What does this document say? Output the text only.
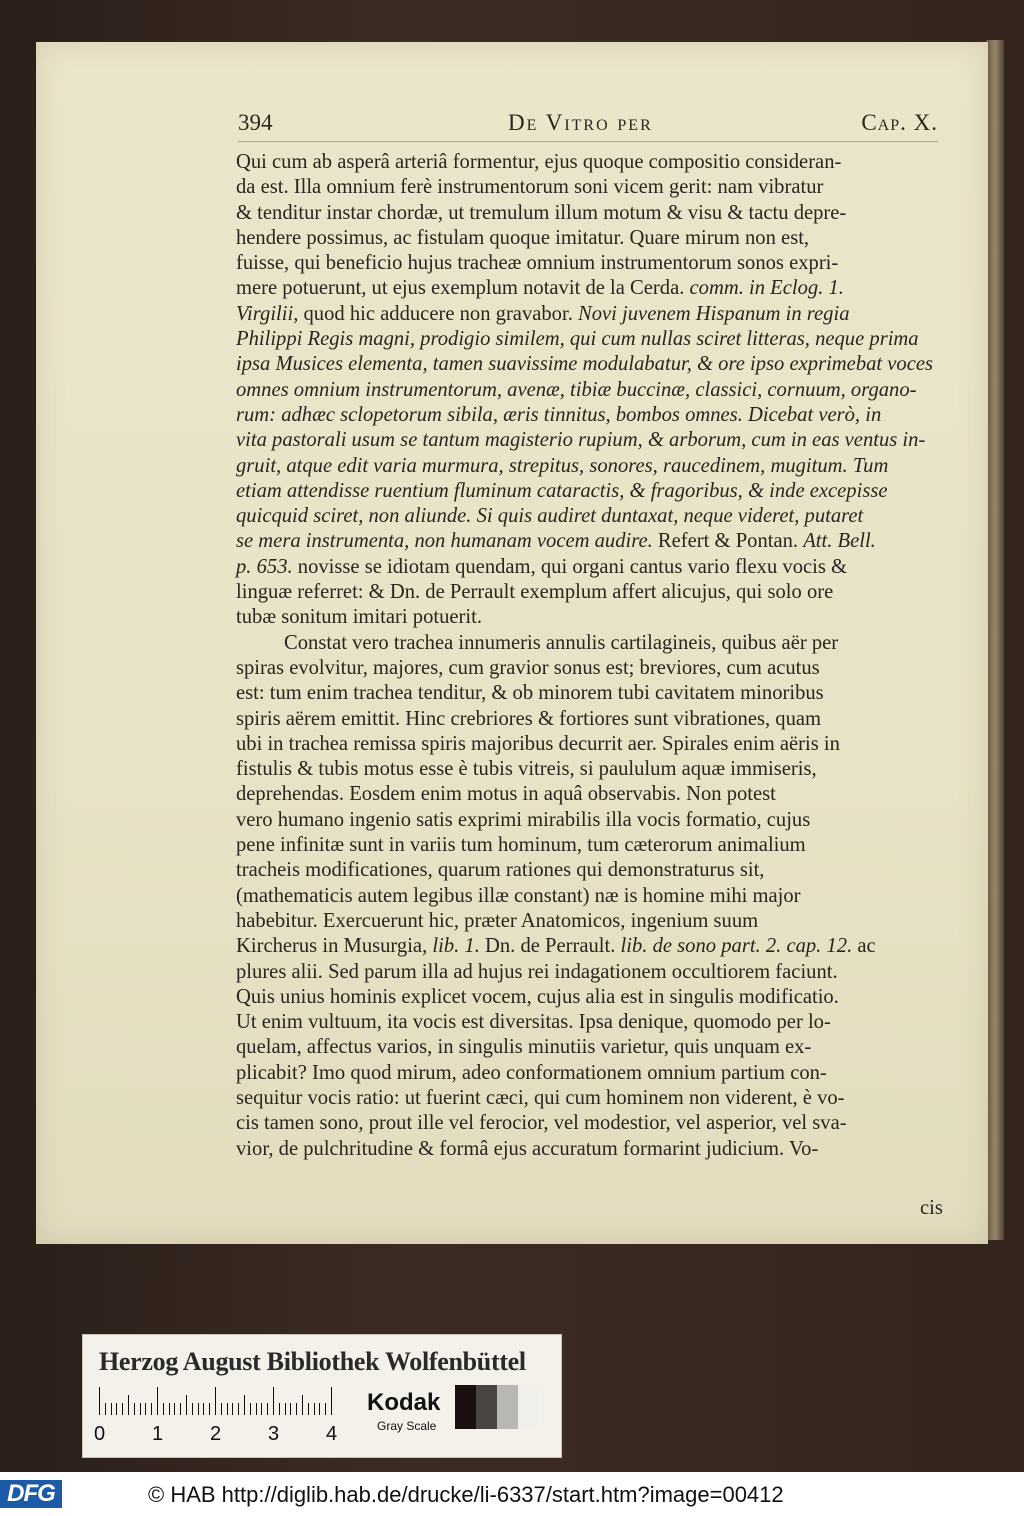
394	De Vitro per	Cap. X.
Qui cum ab asperâ arteriâ formentur, ejus quoque compositio consideran-
da est. Illa omnium ferè instrumentorum soni vicem gerit: nam vibratur
& tenditur instar chordæ, ut tremulum illum motum & visu & tactu depre-
hendere possimus, ac fistulam quoque imitatur. Quare mirum non est,
fuisse, qui beneficio hujus tracheæ omnium instrumentorum sonos expri-
mere potuerunt, ut ejus exemplum notavit de la Cerda. comm. in Eclog. 1.
Virgilii, quod hic adducere non gravabor. Novi juvenem Hispanum in regia
Philippi Regis magni, prodigio similem, qui cum nullas sciret litteras, neque prima
ipsa Musices elementa, tamen suavissime modulabatur, & ore ipso exprimebat voces
omnes omnium instrumentorum, avenæ, tibiæ buccinæ, classici, cornuum, organo-
rum: adhæc sclopetorum sibila, æris tinnitus, bombos omnes. Dicebat verò, in
vita pastorali usum se tantum magisterio rupium, & arborum, cum in eas ventus in-
gruit, atque edit varia murmura, strepitus, sonores, raucedinem, mugitum. Tum
etiam attendisse ruentium fluminum cataractis, & fragoribus, & inde excepisse
quicquid sciret, non aliunde. Si quis audiret duntaxat, neque videret, putaret
se mera instrumenta, non humanam vocem audire. Refert & Pontan. Att. Bell.
p. 653. novisse se idiotam quendam, qui organi cantus vario flexu vocis &
linguæ referret: & Dn. de Perrault exemplum affert alicujus, qui solo ore
tubæ sonitum imitari potuerit.
Constat vero trachea innumeris annulis cartilagineis, quibus aër per
spiras evolvitur, majores, cum gravior sonus est; breviores, cum acutus
est: tum enim trachea tenditur, & ob minorem tubi cavitatem minoribus
spiris aërem emittit. Hinc crebriores & fortiores sunt vibrationes, quam
ubi in trachea remissa spiris majoribus decurrit aer. Spirales enim aëris in
fistulis & tubis motus esse è tubis vitreis, si paululum aquæ immiseris,
deprehendas. Eosdem enim motus in aquâ observabis. Non potest
vero humano ingenio satis exprimi mirabilis illa vocis formatio, cujus
pene infinitæ sunt in variis tum hominum, tum cæterorum animalium
tracheis modificationes, quarum rationes qui demonstraturus sit,
(mathematicis autem legibus illæ constant) næ is homine mihi major
habebitur. Exercuerunt hic, præter Anatomicos, ingenium suum
Kircherus in Musurgia, lib. 1. Dn. de Perrault. lib. de sono part. 2. cap. 12. ac
plures alii. Sed parum illa ad hujus rei indagationem occultiorem faciunt.
Quis unius hominis explicet vocem, cujus alia est in singulis modificatio.
Ut enim vultuum, ita vocis est diversitas. Ipsa denique, quomodo per lo-
quelam, affectus varios, in singulis minutiis varietur, quis unquam ex-
plicabit? Imo quod mirum, adeo conformationem omnium partium con-
sequitur vocis ratio: ut fuerint cæci, qui cum hominem non viderent, è vo-
cis tamen sono, prout ille vel ferocior, vel modestior, vel asperior, vel sva-
vior, de pulchritudine & formâ ejus accuratum formarint judicium. Vo-
cis
Herzog August Bibliothek Wolfenbüttel
0 1 2 3 4
Kodak
Gray Scale
DFG	© HAB http://diglib.hab.de/drucke/li-6337/start.htm?image=00412
